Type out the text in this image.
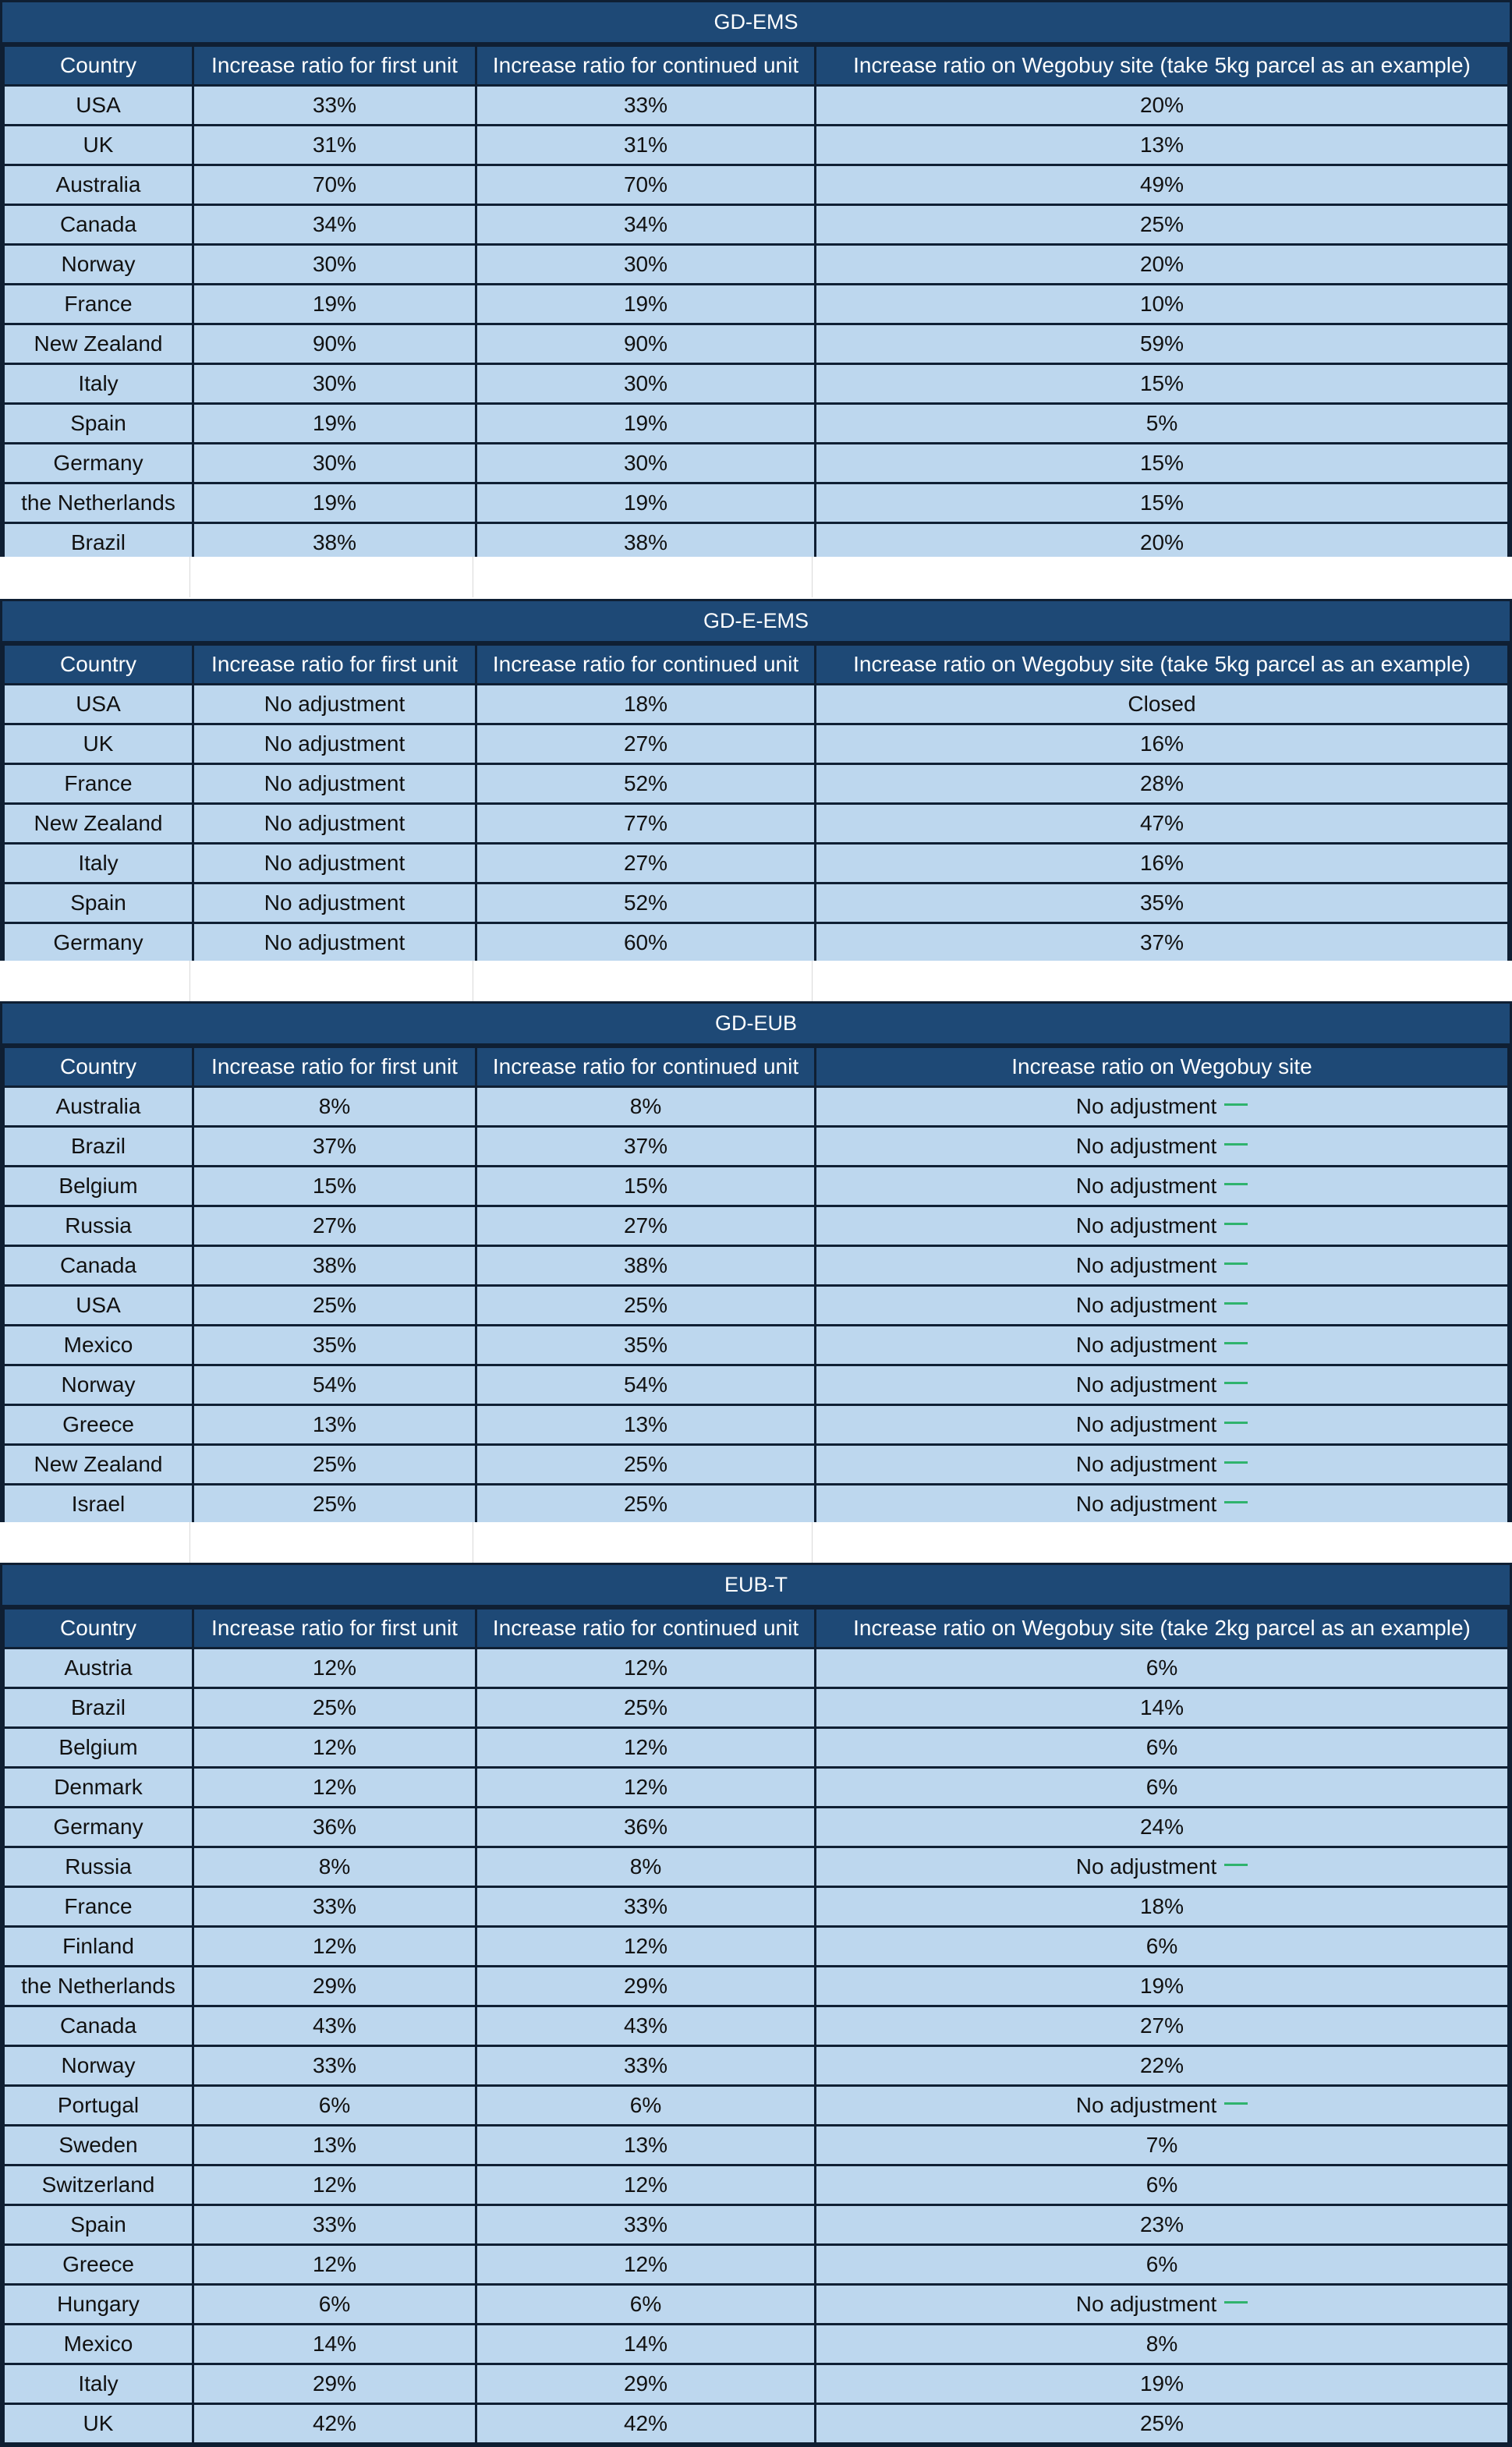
GD-EMS
Country	Increase ratio for first unit	Increase ratio for continued unit	Increase ratio on Wegobuy site (take 5kg parcel as an example)
USA	33%	33%	20%
UK	31%	31%	13%
Australia	70%	70%	49%
Canada	34%	34%	25%
Norway	30%	30%	20%
France	19%	19%	10%
New Zealand	90%	90%	59%
Italy	30%	30%	15%
Spain	19%	19%	5%
Germany	30%	30%	15%
the Netherlands	19%	19%	15%
Brazil	38%	38%	20%
GD-E-EMS
Country	Increase ratio for first unit	Increase ratio for continued unit	Increase ratio on Wegobuy site (take 5kg parcel as an example)
USA	No adjustment	18%	Closed
UK	No adjustment	27%	16%
France	No adjustment	52%	28%
New Zealand	No adjustment	77%	47%
Italy	No adjustment	27%	16%
Spain	No adjustment	52%	35%
Germany	No adjustment	60%	37%
GD-EUB
Country	Increase ratio for first unit	Increase ratio for continued unit	Increase ratio on Wegobuy site
Australia	8%	8%	No adjustment
Brazil	37%	37%	No adjustment
Belgium	15%	15%	No adjustment
Russia	27%	27%	No adjustment
Canada	38%	38%	No adjustment
USA	25%	25%	No adjustment
Mexico	35%	35%	No adjustment
Norway	54%	54%	No adjustment
Greece	13%	13%	No adjustment
New Zealand	25%	25%	No adjustment
Israel	25%	25%	No adjustment
EUB-T
Country	Increase ratio for first unit	Increase ratio for continued unit	Increase ratio on Wegobuy site (take 2kg parcel as an example)
Austria	12%	12%	6%
Brazil	25%	25%	14%
Belgium	12%	12%	6%
Denmark	12%	12%	6%
Germany	36%	36%	24%
Russia	8%	8%	No adjustment
France	33%	33%	18%
Finland	12%	12%	6%
the Netherlands	29%	29%	19%
Canada	43%	43%	27%
Norway	33%	33%	22%
Portugal	6%	6%	No adjustment
Sweden	13%	13%	7%
Switzerland	12%	12%	6%
Spain	33%	33%	23%
Greece	12%	12%	6%
Hungary	6%	6%	No adjustment
Mexico	14%	14%	8%
Italy	29%	29%	19%
UK	42%	42%	25%
